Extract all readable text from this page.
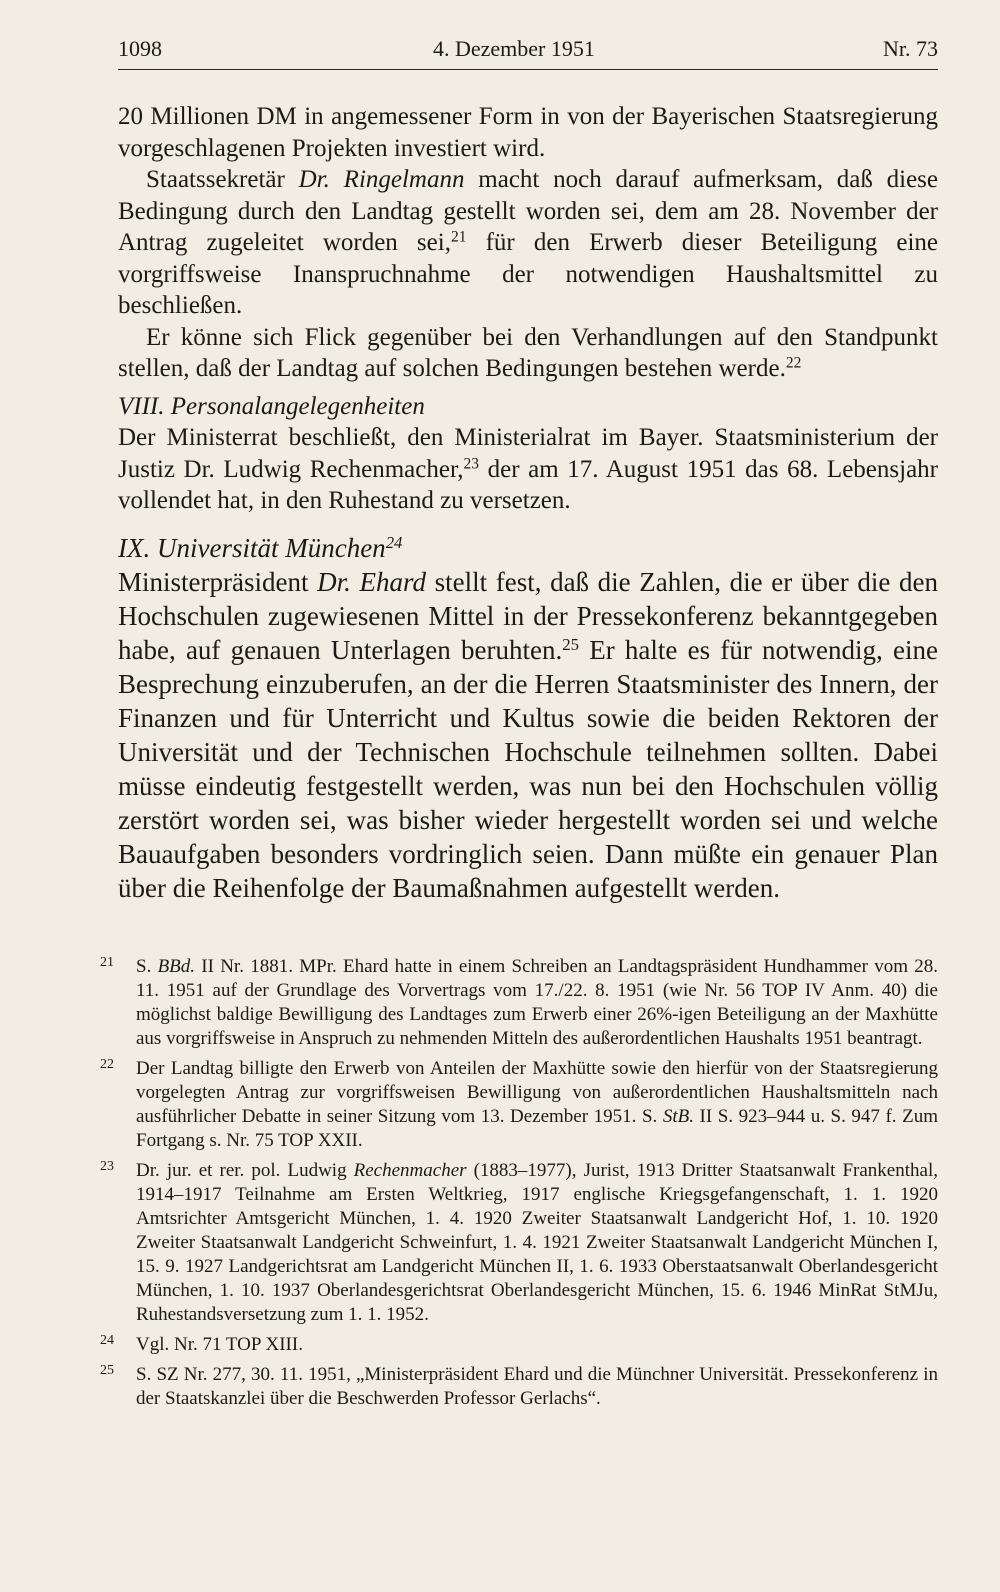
1098	4. Dezember 1951	Nr. 73

20 Millionen DM in angemessener Form in von der Bayerischen Staatsregierung vorgeschlagenen Projekten investiert wird.

Staatssekretär Dr. Ringelmann macht noch darauf aufmerksam, daß diese Bedingung durch den Landtag gestellt worden sei, dem am 28. November der Antrag zugeleitet worden sei,$^{21}$ für den Erwerb dieser Beteiligung eine vorgriffsweise Inanspruchnahme der notwendigen Haushaltsmittel zu beschließen.

Er könne sich Flick gegenüber bei den Verhandlungen auf den Standpunkt stellen, daß der Landtag auf solchen Bedingungen bestehen werde.$^{22}$

VIII. Personalangelegenheiten

Der Ministerrat beschließt, den Ministerialrat im Bayer. Staatsministerium der Justiz Dr. Ludwig Rechenmacher,$^{23}$ der am 17. August 1951 das 68. Lebensjahr vollendet hat, in den Ruhestand zu versetzen.

IX. Universität München$^{24}$

Ministerpräsident Dr. Ehard stellt fest, daß die Zahlen, die er über die den Hochschulen zugewiesenen Mittel in der Pressekonferenz bekanntgegeben habe, auf genauen Unterlagen beruhten.$^{25}$ Er halte es für notwendig, eine Besprechung einzuberufen, an der die Herren Staatsminister des Innern, der Finanzen und für Unterricht und Kultus sowie die beiden Rektoren der Universität und der Technischen Hochschule teilnehmen sollten. Dabei müsse eindeutig festgestellt werden, was nun bei den Hochschulen völlig zerstört worden sei, was bisher wieder hergestellt worden sei und welche Bauaufgaben besonders vordringlich seien. Dann müßte ein genauer Plan über die Reihenfolge der Baumaßnahmen aufgestellt werden.

21 S. BBd. II Nr. 1881. MPr. Ehard hatte in einem Schreiben an Landtagspräsident Hundhammer vom 28. 11. 1951 auf der Grundlage des Vorvertrags vom 17./22. 8. 1951 (wie Nr. 56 TOP IV Anm. 40) die möglichst baldige Bewilligung des Landtages zum Erwerb einer 26%-igen Beteiligung an der Maxhütte aus vorgriffsweise in Anspruch zu nehmenden Mitteln des außerordentlichen Haushalts 1951 beantragt.
22 Der Landtag billigte den Erwerb von Anteilen der Maxhütte sowie den hierfür von der Staatsregierung vorgelegten Antrag zur vorgriffsweisen Bewilligung von außerordentlichen Haushaltsmitteln nach ausführlicher Debatte in seiner Sitzung vom 13. Dezember 1951. S. StB. II S. 923–944 u. S. 947 f. Zum Fortgang s. Nr. 75 TOP XXII.
23 Dr. jur. et rer. pol. Ludwig Rechenmacher (1883–1977), Jurist, 1913 Dritter Staatsanwalt Frankenthal, 1914–1917 Teilnahme am Ersten Weltkrieg, 1917 englische Kriegsgefangenschaft, 1. 1. 1920 Amtsrichter Amtsgericht München, 1. 4. 1920 Zweiter Staatsanwalt Landgericht Hof, 1. 10. 1920 Zweiter Staatsanwalt Landgericht Schweinfurt, 1. 4. 1921 Zweiter Staatsanwalt Landgericht München I, 15. 9. 1927 Landgerichtsrat am Landgericht München II, 1. 6. 1933 Oberstaatsanwalt Oberlandesgericht München, 1. 10. 1937 Oberlandesgerichtsrat Oberlandesgericht München, 15. 6. 1946 MinRat StMJu, Ruhestandsversetzung zum 1. 1. 1952.
24 Vgl. Nr. 71 TOP XIII.
25 S. SZ Nr. 277, 30. 11. 1951, „Ministerpräsident Ehard und die Münchner Universität. Pressekonferenz in der Staatskanzlei über die Beschwerden Professor Gerlachs“.
